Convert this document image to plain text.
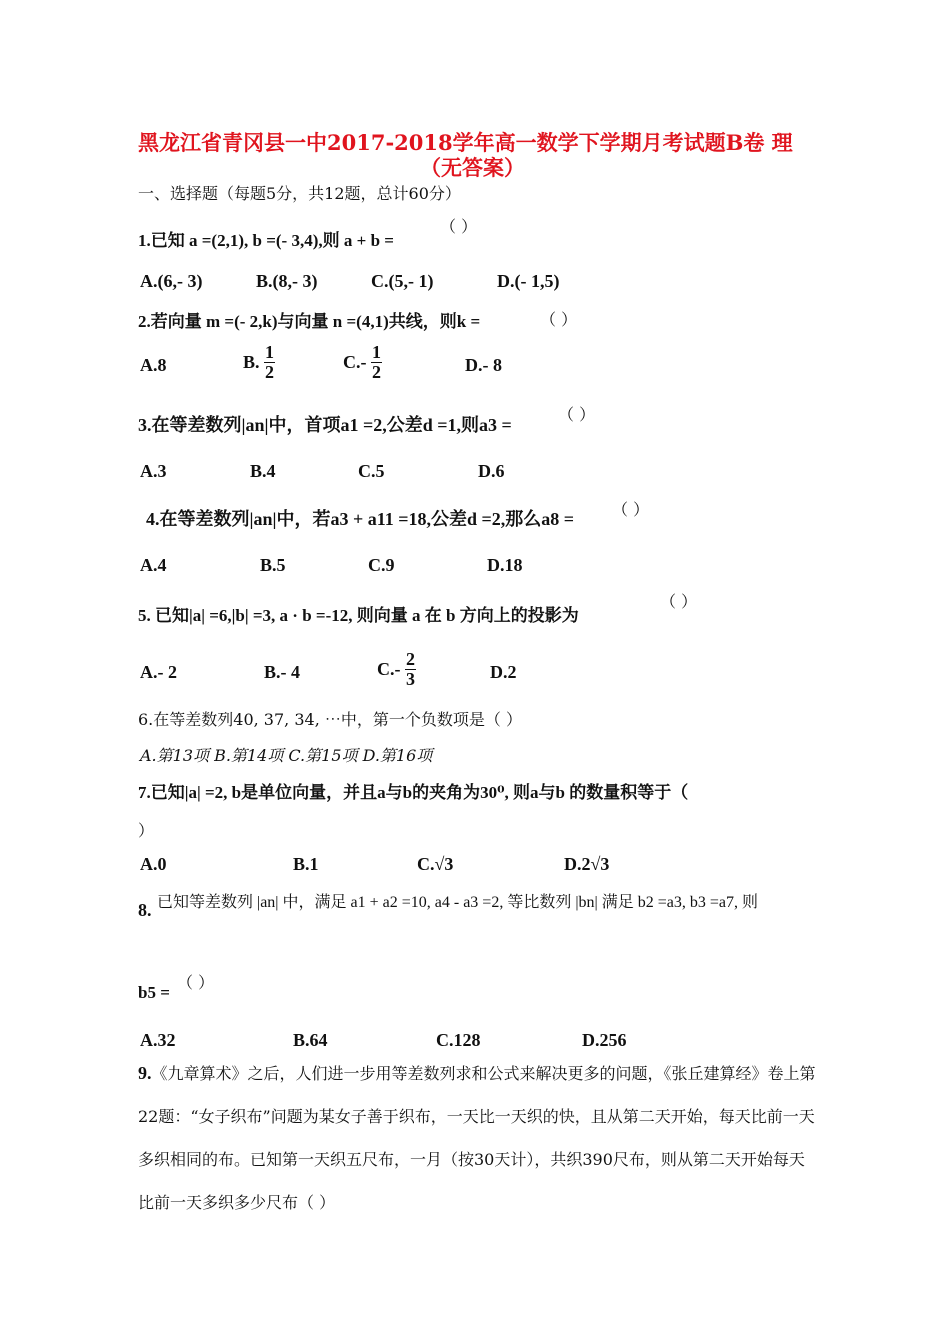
黑龙江省青冈县一中2017-2018学年高一数学下学期月考试题B卷 理
（无答案）
一、选择题（每题5分，共12题，总计60分）
1.已知 a =(2,1), b =(- 3,4),则 a + b =
（ ）
A.(6,- 3)	B.(8,- 3)	C.(5,- 1)	D.(- 1,5)
2.若向量 m =(- 2,k)与向量 n =(4,1)共线，则k =	（ ）
A.8	B. $\frac{1}{2}$	$C.- \frac{1}{2}$	D.- 8
3.在等差数列|an|中，首项a1 =2,公差d =1,则a3 =
（ ）
A.3	B.4	C.5	D.6
4.在等差数列|an|中，若a3 + a11 =18,公差d =2,那么a8 = （ ）
A.4	B.5	C.9	D.18
5. 已知|a| =6,|b| =3, a · b =-12, 则向量 a 在 b 方向上的投影为
（ ）
A.- 2	B.- 4	$C.- \frac{2}{3}$	D.2
6.在等差数列40, 37, 34, ⋯中，第一个负数项是（ ）
A.第13项 B.第14项 C.第15项 D.第16项
7.已知|a| =2, b是单位向量，并且a与b的夹角为30⁰, 则a与b 的数量积等于（
）
A.0	B.1	C.√3	D.2√3
8. 已知等差数列 |an| 中，满足 a1 + a2 =10, a4 - a3 =2, 等比数列 |bn| 满足 b2 =a3, b3 =a7, 则
b5 =
（ ）
A.32	B.64	C.128	D.256
9.《九章算术》之后，人们进一步用等差数列求和公式来解决更多的问题，《张丘建算经》卷上第22题：“女子织布”问题为某女子善于织布，一天比一天织的快，且从第二天开始，每天比前一天多织相同的布。已知第一天织五尺布，一月（按30天计），共织390尺布，则从第二天开始每天比前一天多织多少尺布（ ）
